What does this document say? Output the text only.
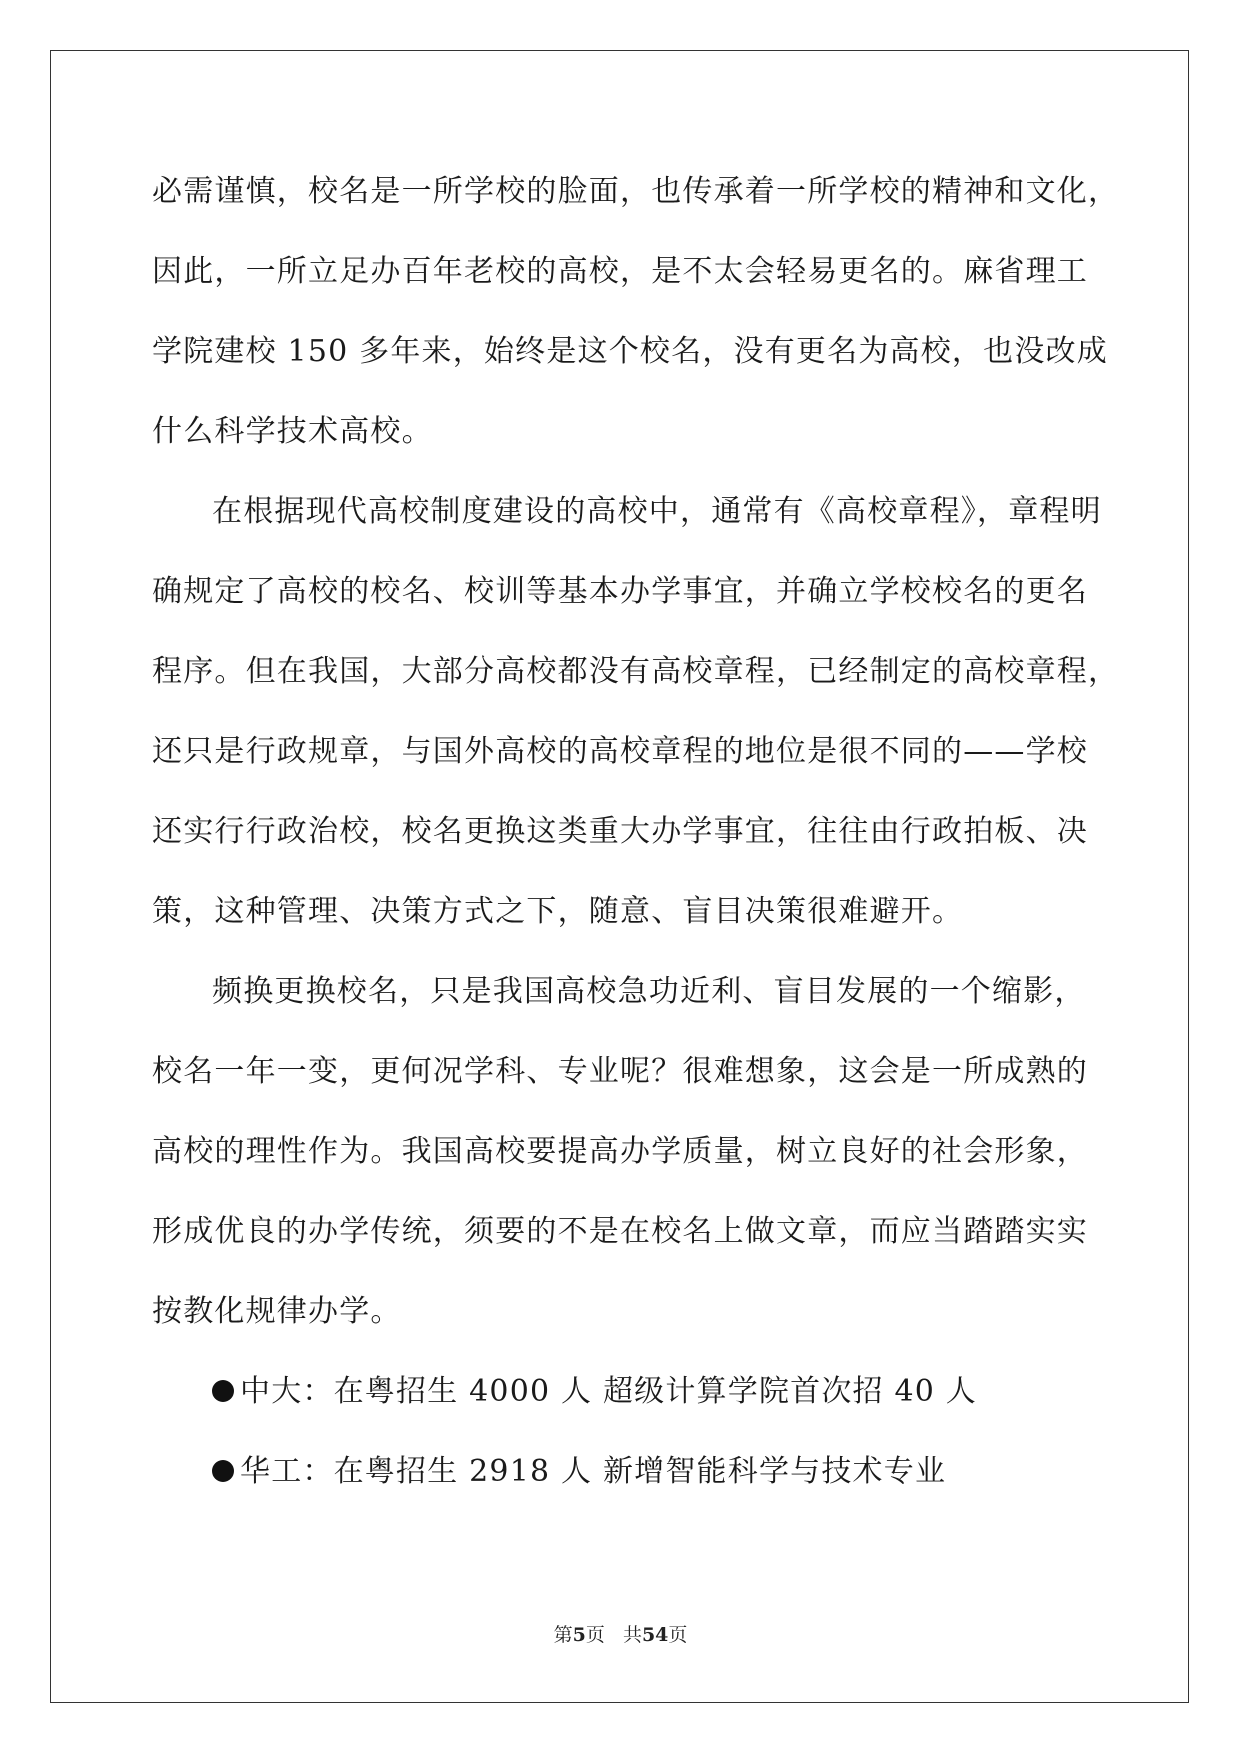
必需谨慎，校名是一所学校的脸面，也传承着一所学校的精神和文化，
因此，一所立足办百年老校的高校，是不太会轻易更名的。麻省理工
学院建校 150 多年来，始终是这个校名，没有更名为高校，也没改成
什么科学技术高校。
在根据现代高校制度建设的高校中，通常有《高校章程》，章程明
确规定了高校的校名、校训等基本办学事宜，并确立学校校名的更名
程序。但在我国，大部分高校都没有高校章程，已经制定的高校章程，
还只是行政规章，与国外高校的高校章程的地位是很不同的——学校
还实行行政治校，校名更换这类重大办学事宜，往往由行政拍板、决
策，这种管理、决策方式之下，随意、盲目决策很难避开。
频换更换校名，只是我国高校急功近利、盲目发展的一个缩影，
校名一年一变，更何况学科、专业呢？很难想象，这会是一所成熟的
高校的理性作为。我国高校要提高办学质量，树立良好的社会形象，
形成优良的办学传统，须要的不是在校名上做文章，而应当踏踏实实
按教化规律办学。
中大：在粤招生 4000 人 超级计算学院首次招 40 人
华工：在粤招生 2918 人 新增智能科学与技术专业
第5页   共54页
